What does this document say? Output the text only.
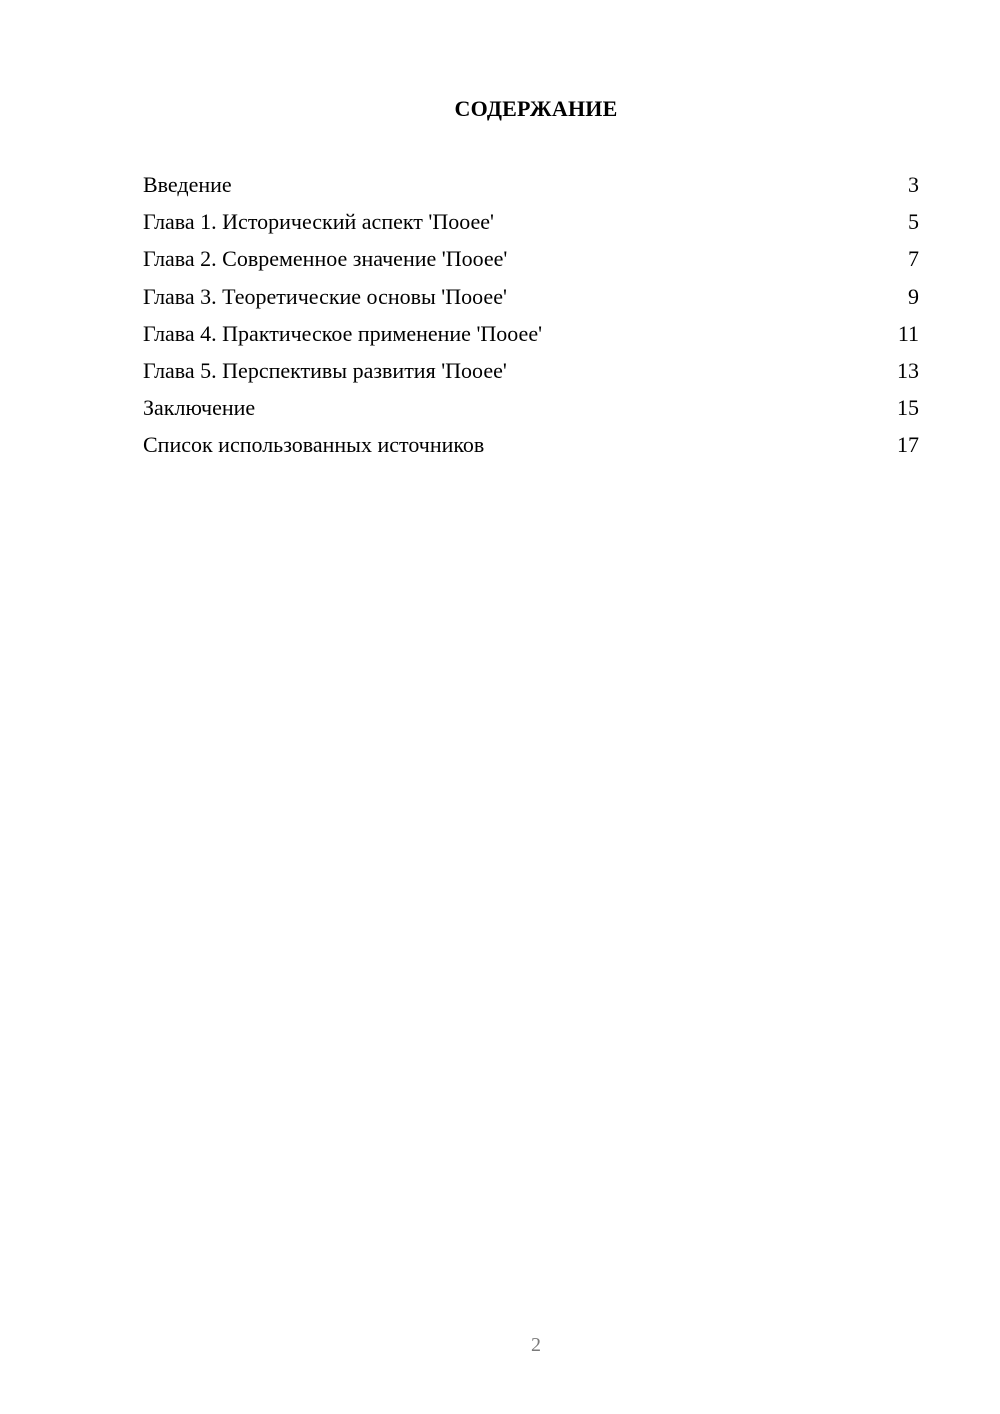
СОДЕРЖАНИЕ
Введение	3
Глава 1. Исторический аспект 'Пооее'	5
Глава 2. Современное значение 'Пооее'	7
Глава 3. Теоретические основы 'Пооее'	9
Глава 4. Практическое применение 'Пооее'	11
Глава 5. Перспективы развития 'Пооее'	13
Заключение	15
Список использованных источников	17
2
